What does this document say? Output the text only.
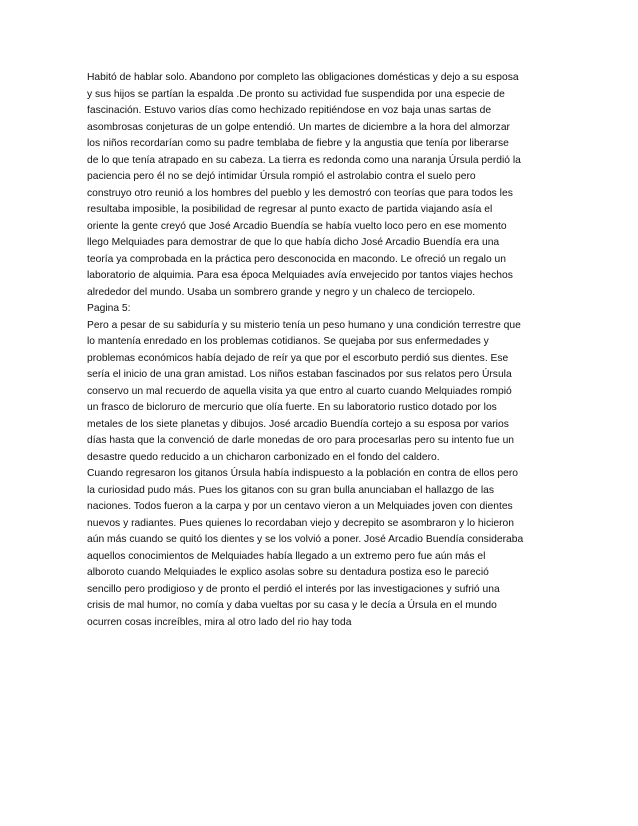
Habitó de hablar solo. Abandono por completo las obligaciones domésticas y dejo a su esposa
y sus hijos se partían la espalda .De pronto su actividad fue suspendida por una especie de
fascinación. Estuvo varios días como hechizado repitiéndose en voz baja unas sartas de
asombrosas conjeturas de un golpe entendió. Un martes de diciembre a la hora del almorzar
los niños recordarían como su padre temblaba de fiebre y la angustia que tenía por liberarse
de lo que tenía atrapado en su cabeza. La tierra es redonda como una naranja Úrsula perdió la
paciencia pero él no se dejó intimidar Úrsula rompió el astrolabio contra el suelo pero
construyo otro reunió a los hombres del pueblo y les demostró con teorías que para todos les
resultaba imposible, la posibilidad de regresar al punto exacto de partida viajando asía el
oriente la gente creyó que José Arcadio Buendía se había vuelto loco pero en ese momento
llego Melquiades para demostrar de que lo que había dicho José Arcadio Buendía era una
teoría ya comprobada en la práctica pero desconocida en macondo. Le ofreció un regalo un
laboratorio de alquimia. Para esa época Melquiades avía envejecido por tantos viajes hechos
alrededor del mundo. Usaba un sombrero grande y negro y un chaleco de terciopelo.

Pagina 5:

Pero a pesar de su sabiduría y su misterio tenía un peso humano y una condición terrestre que
lo mantenía enredado en los problemas cotidianos. Se quejaba por sus enfermedades y
problemas económicos había dejado de reír ya que por el escorbuto perdió sus dientes. Ese
sería el inicio de una gran amistad. Los niños estaban fascinados por sus relatos pero Úrsula
conservo un mal recuerdo de aquella visita ya que entro al cuarto cuando Melquiades rompió
un frasco de bicloruro de mercurio que olía fuerte. En su laboratorio rustico dotado por los
metales de los siete planetas y dibujos. José arcadio Buendía cortejo a su esposa por varios
días hasta que la convenció de darle monedas de oro para procesarlas pero su intento fue un
desastre quedo reducido a un chicharon carbonizado en el fondo del caldero.

Cuando regresaron los gitanos Úrsula había indispuesto a la población en contra de ellos pero
la curiosidad pudo más. Pues los gitanos con su gran bulla anunciaban el hallazgo de las
naciones. Todos fueron a la carpa y por un centavo vieron a un Melquiades joven con dientes
nuevos y radiantes. Pues quienes lo recordaban viejo y decrepito se asombraron y lo hicieron
aún más cuando se quitó los dientes y se los volvió a poner. José Arcadio Buendía consideraba
aquellos conocimientos de Melquiades había llegado a un extremo pero fue aún más el
alboroto cuando Melquiades le explico asolas sobre su dentadura postiza eso le pareció
sencillo pero prodigioso y de pronto el perdió el interés por las investigaciones y sufrió una
crisis de mal humor, no comía y daba vueltas por su casa y le decía a Úrsula en el mundo
ocurren cosas increíbles, mira al otro lado del rio hay toda
